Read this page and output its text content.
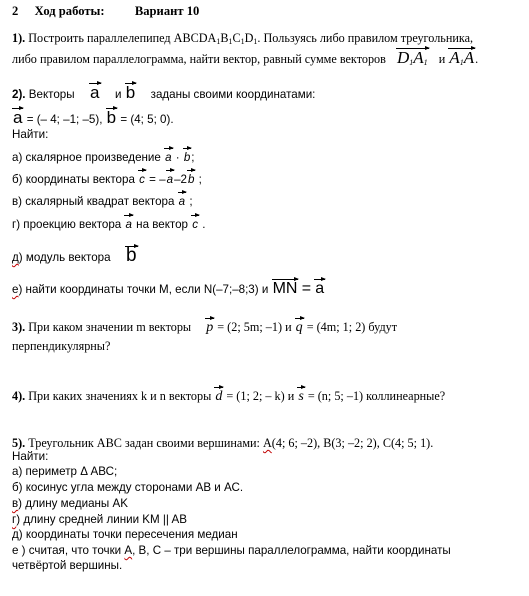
2 Ход работы: Вариант 10
1). Построить параллелепипед $ABCDA_1B_1C_1D_1$. Пользуясь либо правилом треугольника,
либо правилом параллелограмма, найти вектор, равный сумме векторов $D_1A_1$ и $A_1A$.
2). Векторы a и b заданы своими координатами:
a = (– 4; –1; –5), b = (4; 5; 0).
Найти:
а) скалярное произведение a · b;
б) координаты вектора c = –a–2b ;
в) скалярный квадрат вектора a ;
г) проекцию вектора a на вектор c .
д) модуль вектора b
е) найти координаты точки М, если N(–7;–8;3) и MN = a
3). При каком значении m векторы p = (2; 5m; –1) и q = (4m; 1; 2) будут
перпендикулярны?
4). При каких значениях k и n векторы d = (1; 2; – k) и s = (n; 5; –1) коллинеарные?
5). Треугольник АВС задан своими вершинами: А(4; 6; –2), B(3; –2; 2), C(4; 5; 1).
Найти:
а) периметр Δ АВС;
б) косинус угла между сторонами АВ и АС.
в) длину медианы AK
г) длину средней линии KM || AB
д) координаты точки пересечения медиан
е ) считая, что точки А, B, C – три вершины параллелограмма, найти координаты
четвёртой вершины.
